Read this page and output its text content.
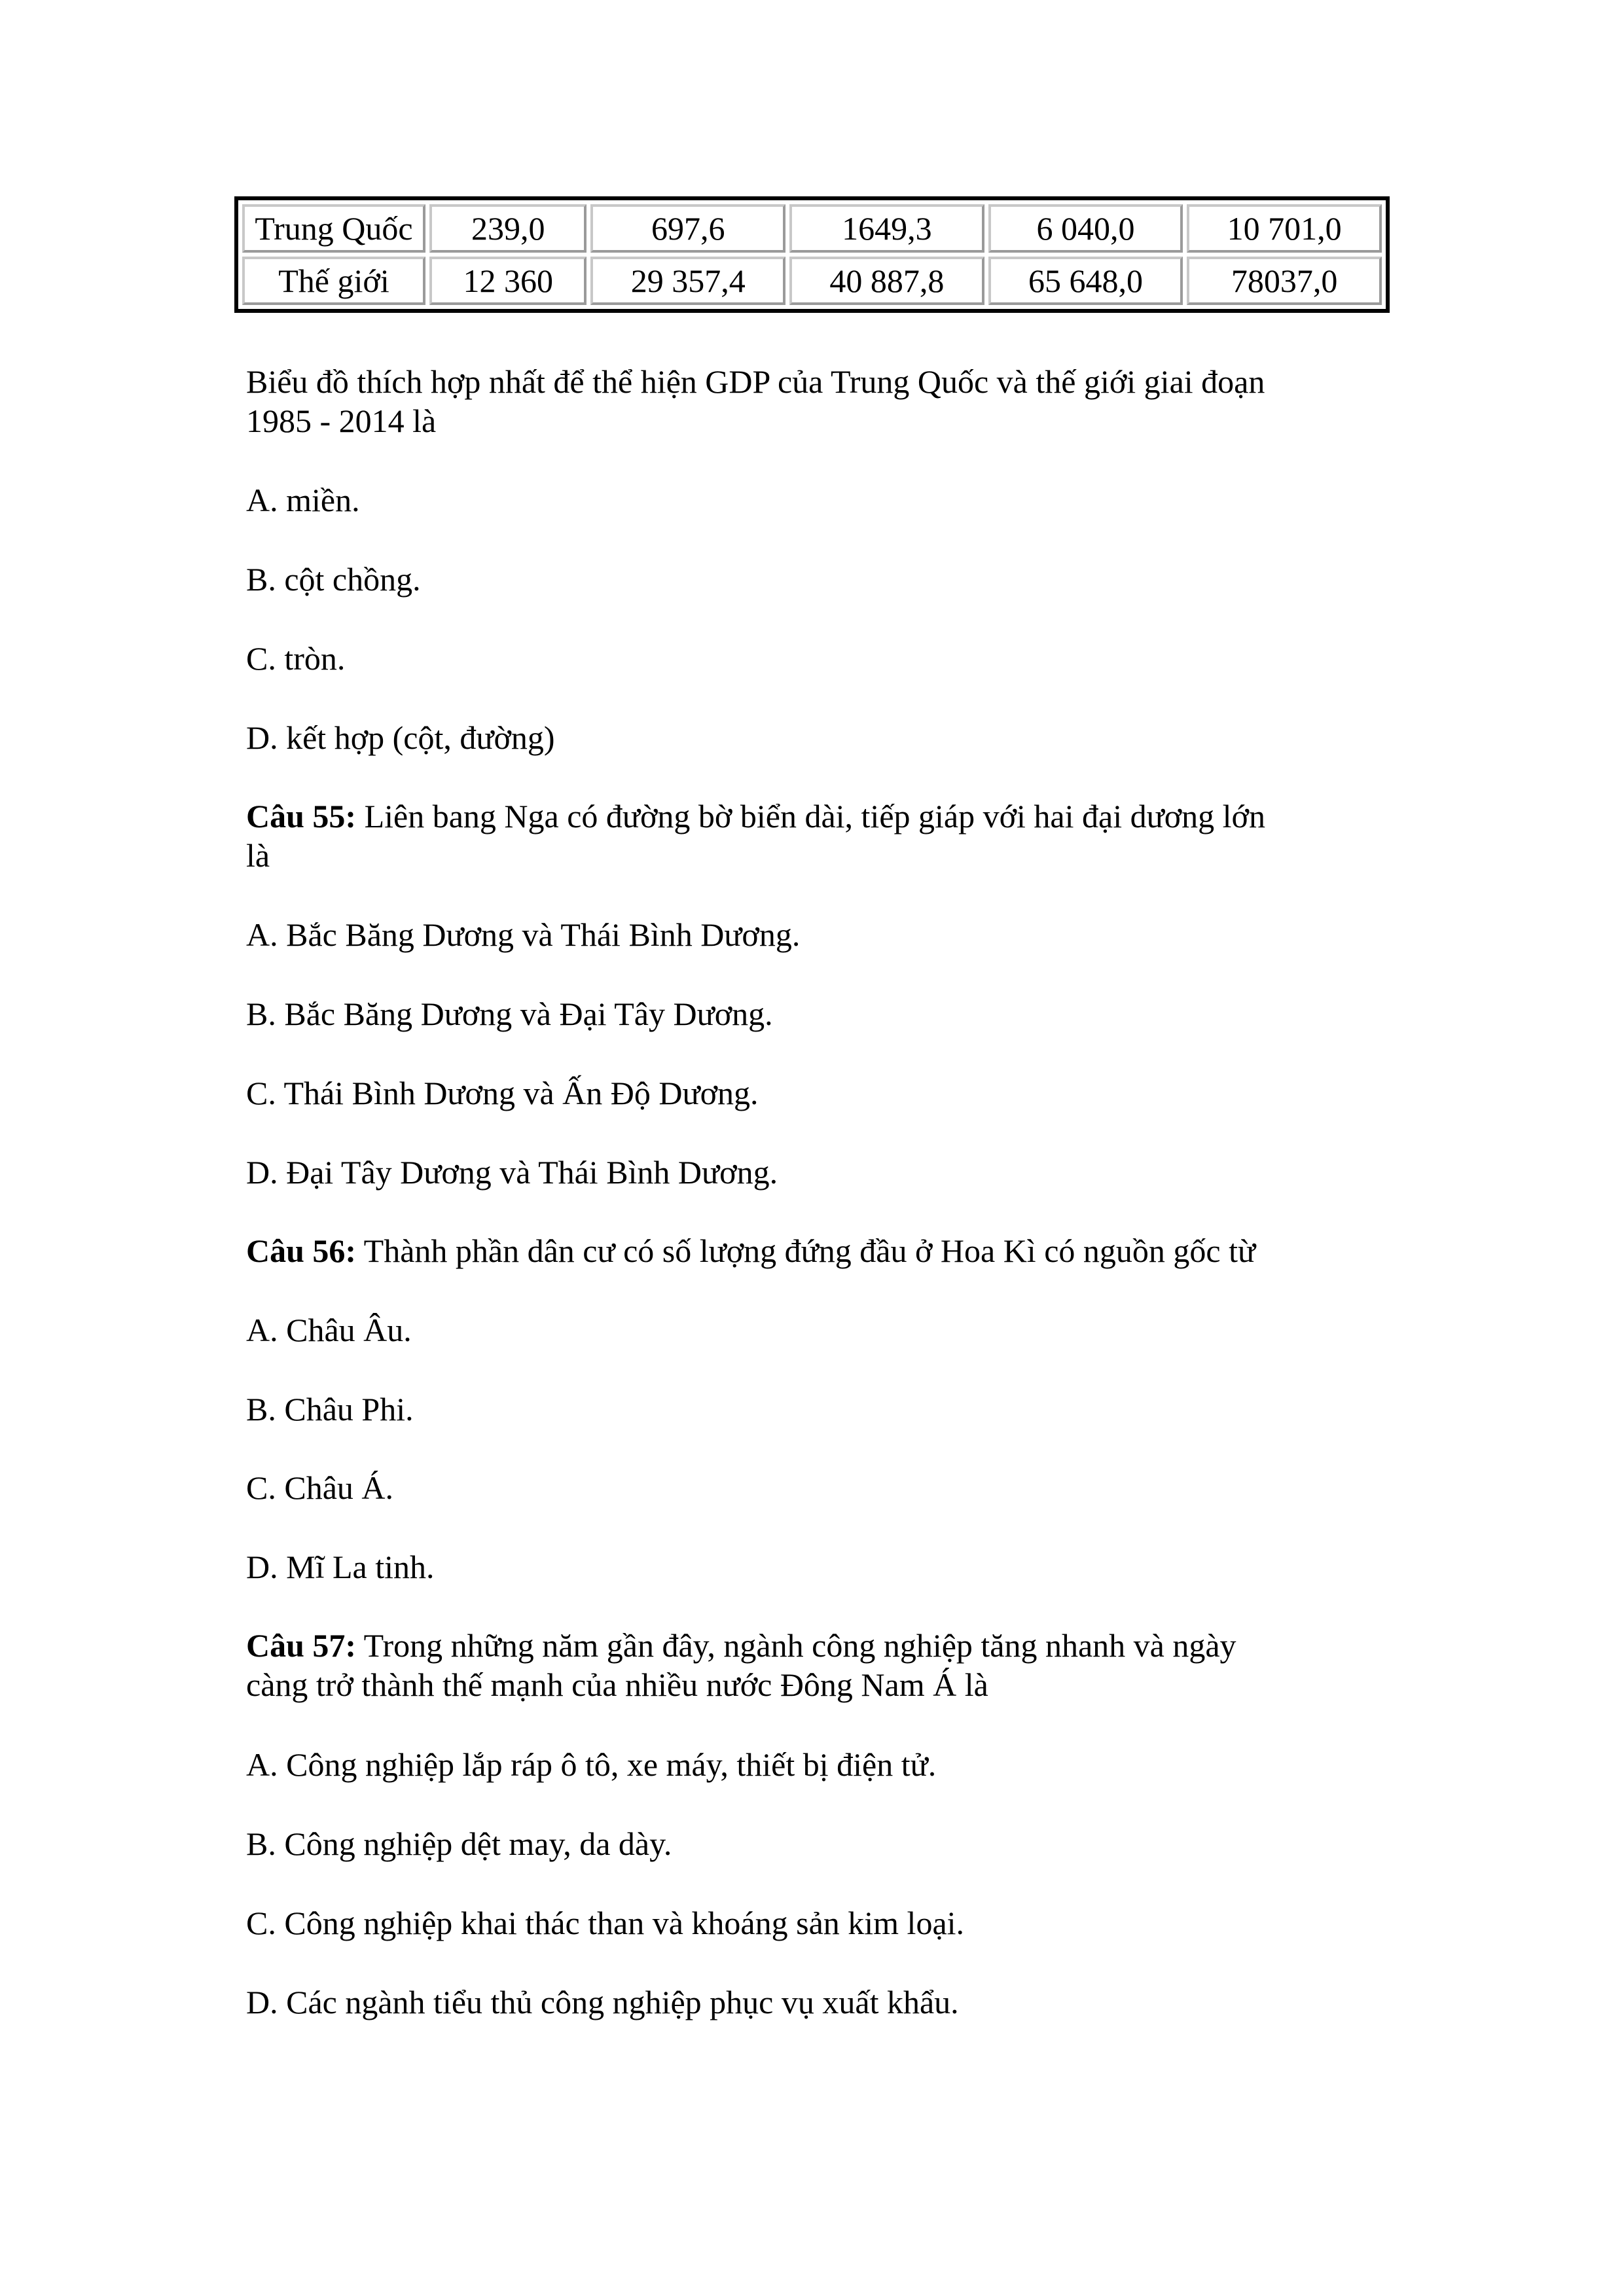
Trung Quốc	239,0	697,6	1649,3	6 040,0	10 701,0
Thế giới	12 360	29 357,4	40 887,8	65 648,0	78037,0

Biểu đồ thích hợp nhất để thể hiện GDP của Trung Quốc và thế giới giai đoạn
1985 - 2014 là

A. miền.

B. cột chồng.

C. tròn.

D. kết hợp (cột, đường)

Câu 55: Liên bang Nga có đường bờ biển dài, tiếp giáp với hai đại dương lớn
là

A. Bắc Băng Dương và Thái Bình Dương.

B. Bắc Băng Dương và Đại Tây Dương.

C. Thái Bình Dương và Ấn Độ Dương.

D. Đại Tây Dương và Thái Bình Dương.

Câu 56: Thành phần dân cư có số lượng đứng đầu ở Hoa Kì có nguồn gốc từ

A. Châu Âu.

B. Châu Phi.

C. Châu Á.

D. Mĩ La tinh.

Câu 57: Trong những năm gần đây, ngành công nghiệp tăng nhanh và ngày
càng trở thành thế mạnh của nhiều nước Đông Nam Á là

A. Công nghiệp lắp ráp ô tô, xe máy, thiết bị điện tử.

B. Công nghiệp dệt may, da dày.

C. Công nghiệp khai thác than và khoáng sản kim loại.

D. Các ngành tiểu thủ công nghiệp phục vụ xuất khẩu.
